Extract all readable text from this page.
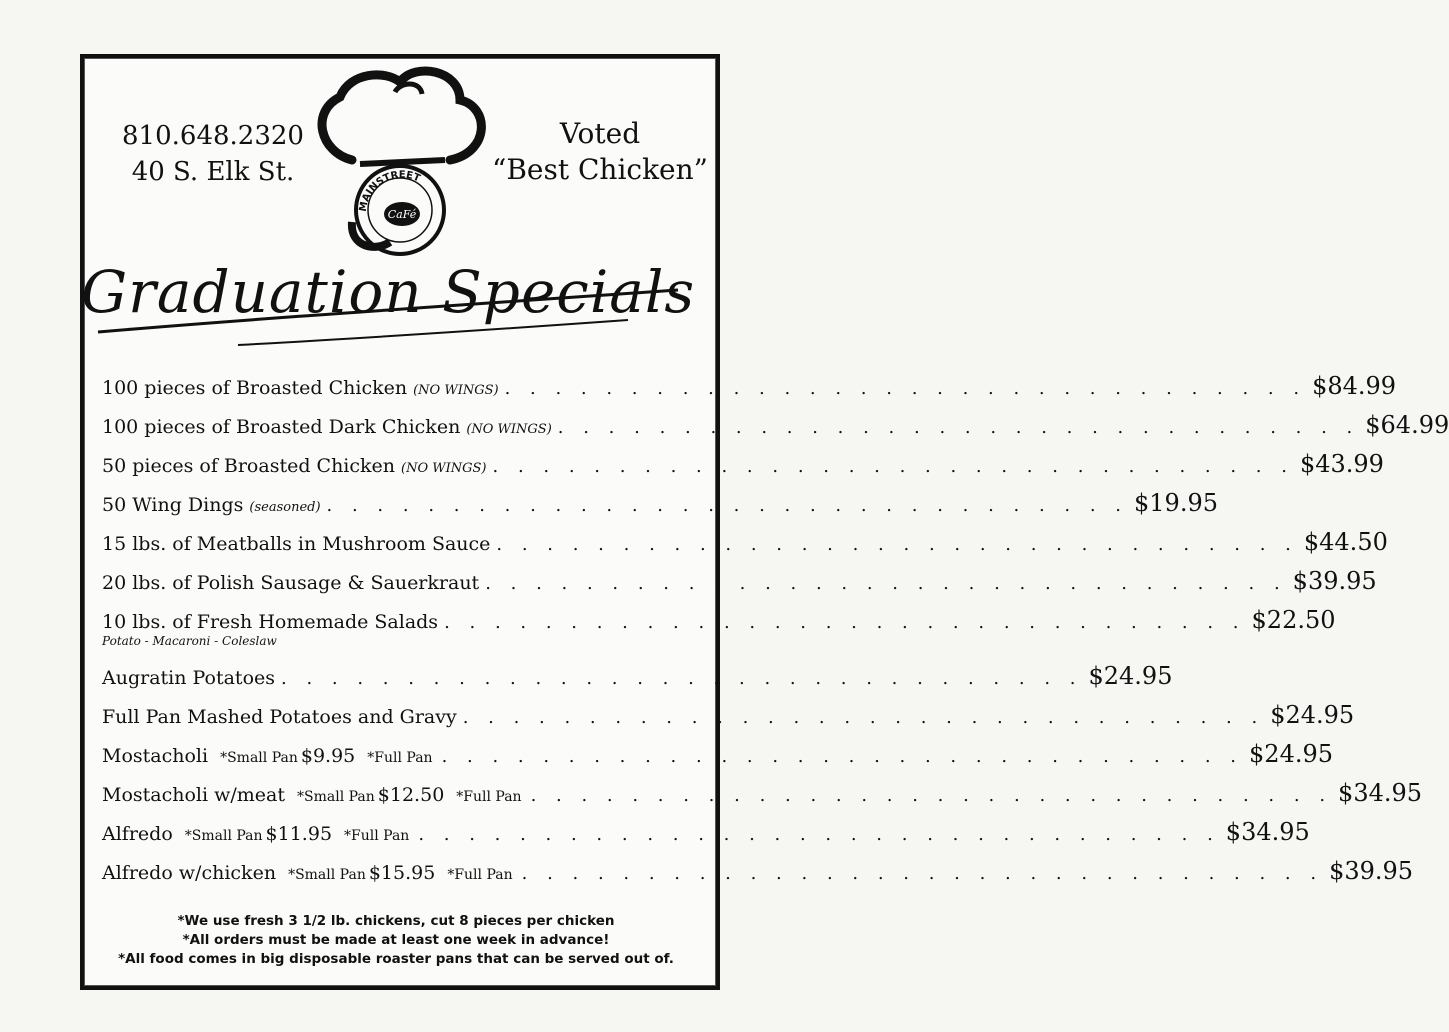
810.648.2320
40 S. Elk St.
Voted
“Best Chicken”
MAINSTREET
CaFé
Graduation Specials
100 pieces of Broasted Chicken (NO WINGS) . . . . . . . . . . . . . . . . . . . . . . . . . . . . . . . . $84.99
100 pieces of Broasted Dark Chicken (NO WINGS) . . . . . . . . . . . . . . . . . . . . . . . . . . . . . . . . $64.99
50 pieces of Broasted Chicken (NO WINGS) . . . . . . . . . . . . . . . . . . . . . . . . . . . . . . . . $43.99
50 Wing Dings (seasoned) . . . . . . . . . . . . . . . . . . . . . . . . . . . . . . . . $19.95
15 lbs. of Meatballs in Mushroom Sauce . . . . . . . . . . . . . . . . . . . . . . . . . . . . . . . . $44.50
20 lbs. of Polish Sausage & Sauerkraut . . . . . . . . . . . . . . . . . . . . . . . . . . . . . . . . $39.95
10 lbs. of Fresh Homemade Salads . . . . . . . . . . . . . . . . . . . . . . . . . . . . . . . . $22.50
Potato - Macaroni - Coleslaw
Augratin Potatoes . . . . . . . . . . . . . . . . . . . . . . . . . . . . . . . . $24.95
Full Pan Mashed Potatoes and Gravy . . . . . . . . . . . . . . . . . . . . . . . . . . . . . . . . $24.95
Mostacholi *Small Pan $9.95 *Full Pan . . . . . . . . . . . . . . . . . . . . . . . . . . . . . . . . $24.95
Mostacholi w/meat *Small Pan $12.50 *Full Pan . . . . . . . . . . . . . . . . . . . . . . . . . . . . . . . . $34.95
Alfredo *Small Pan $11.95 *Full Pan . . . . . . . . . . . . . . . . . . . . . . . . . . . . . . . . $34.95
Alfredo w/chicken *Small Pan $15.95 *Full Pan . . . . . . . . . . . . . . . . . . . . . . . . . . . . . . . . $39.95
*We use fresh 3 1/2 lb. chickens, cut 8 pieces per chicken
*All orders must be made at least one week in advance!
*All food comes in big disposable roaster pans that can be served out of.
